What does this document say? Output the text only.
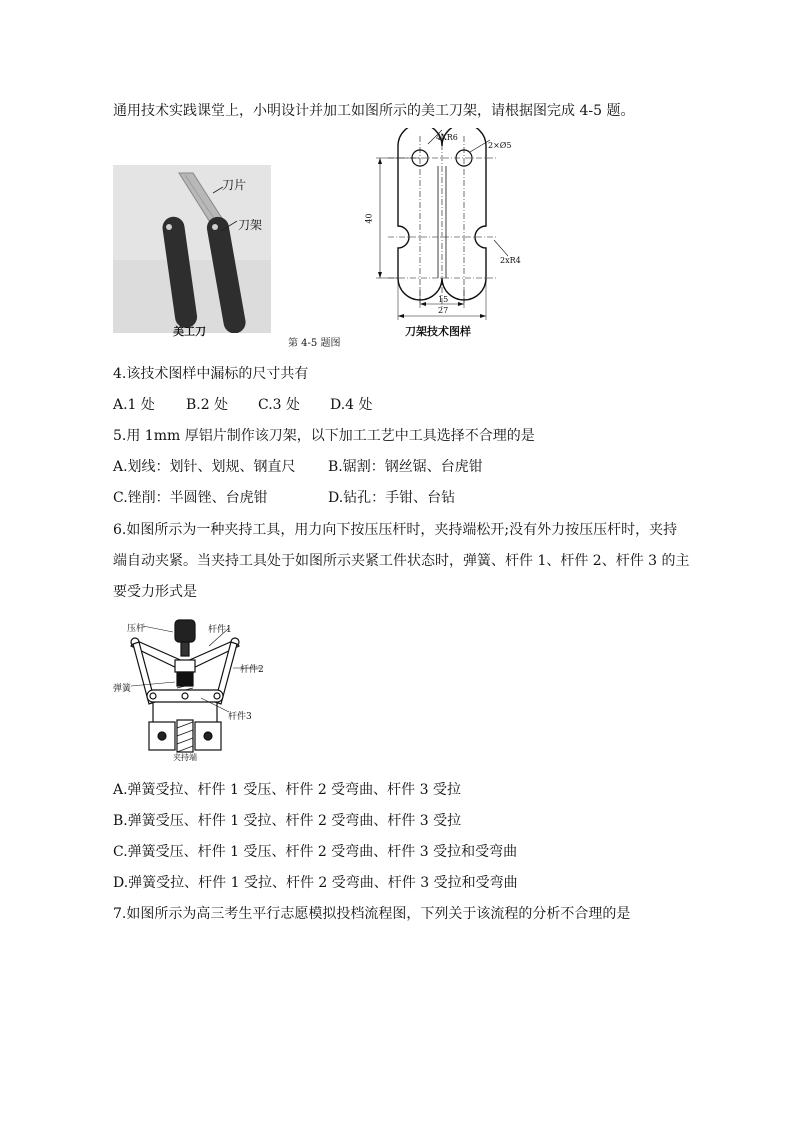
通用技术实践课堂上，小明设计并加工如图所示的美工刀架，请根据图完成 4-5 题。
刀片
刀架
美工刀
第 4-5 题图
4XR6
2×Ø5
2xR4
40
15
27
刀架技术图样
4.该技术图样中漏标的尺寸共有
A.1 处 B.2 处 C.3 处 D.4 处
5.用 1mm 厚铝片制作该刀架，以下加工工艺中工具选择不合理的是
A.划线：划针、划规、钢直尺 B.锯割：钢丝锯、台虎钳
C.锉削：半圆锉、台虎钳	D.钻孔：手钳、台钻
6.如图所示为一种夹持工具，用力向下按压压杆时，夹持端松开;没有外力按压压杆时，夹持
端自动夹紧。当夹持工具处于如图所示夹紧工件状态时，弹簧、杆件 1、杆件 2、杆件 3 的主
要受力形式是
压杆	杆件1
杆件2
弹簧
杆件3
夹持端
A.弹簧受拉、杆件 1 受压、杆件 2 受弯曲、杆件 3 受拉
B.弹簧受压、杆件 1 受拉、杆件 2 受弯曲、杆件 3 受拉
C.弹簧受压、杆件 1 受压、杆件 2 受弯曲、杆件 3 受拉和受弯曲
D.弹簧受拉、杆件 1 受拉、杆件 2 受弯曲、杆件 3 受拉和受弯曲
7.如图所示为高三考生平行志愿模拟投档流程图，下列关于该流程的分析不合理的是
